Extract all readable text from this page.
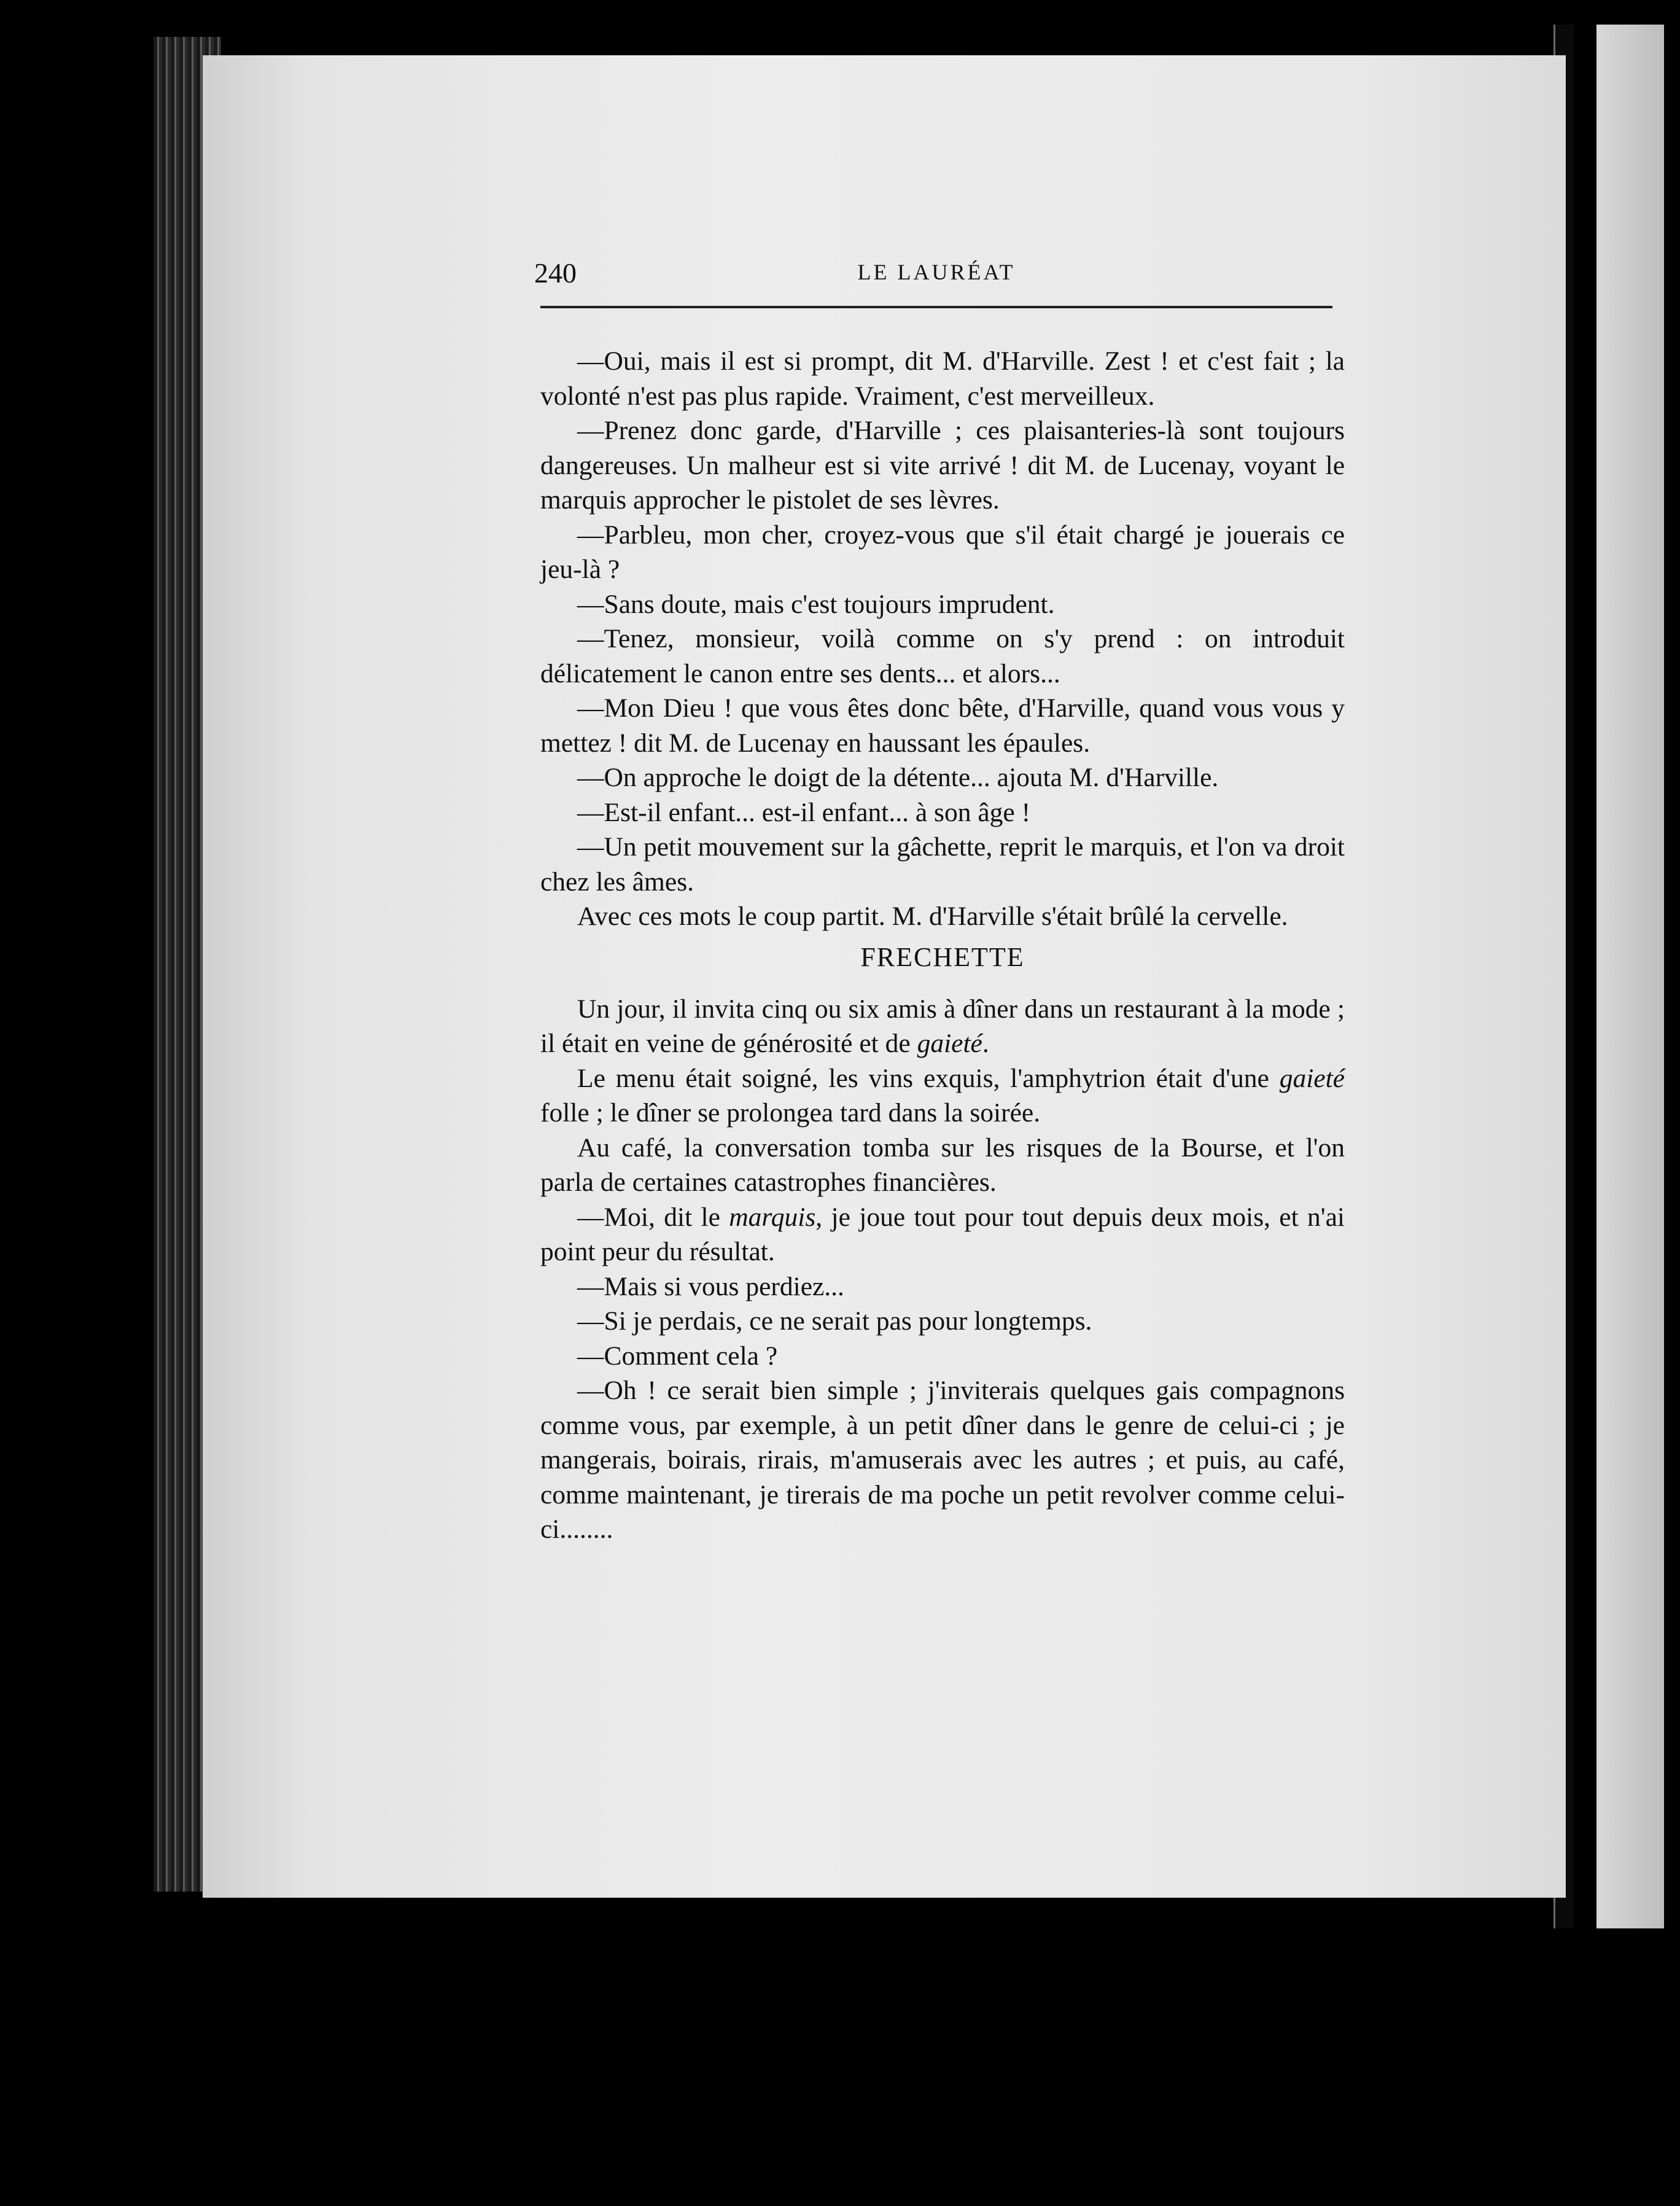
240	LE LAURÉAT

—Oui, mais il est si prompt, dit M. d'Harville. Zest ! et c'est fait ; la volonté n'est pas plus rapide. Vraiment, c'est merveilleux.

—Prenez donc garde, d'Harville ; ces plaisanteries-là sont toujours dangereuses. Un malheur est si vite arrivé ! dit M. de Lucenay, voyant le marquis approcher le pistolet de ses lèvres.

—Parbleu, mon cher, croyez-vous que s'il était chargé je jouerais ce jeu-là ?

—Sans doute, mais c'est toujours imprudent.

—Tenez, monsieur, voilà comme on s'y prend : on introduit délicatement le canon entre ses dents... et alors...

—Mon Dieu ! que vous êtes donc bête, d'Harville, quand vous vous y mettez ! dit M. de Lucenay en haussant les épaules.

—On approche le doigt de la détente... ajouta M. d'Harville.

—Est-il enfant... est-il enfant... à son âge !

—Un petit mouvement sur la gâchette, reprit le marquis, et l'on va droit chez les âmes.

Avec ces mots le coup partit. M. d'Harville s'était brûlé la cervelle.

FRECHETTE

Un jour, il invita cinq ou six amis à dîner dans un restaurant à la mode ; il était en veine de générosité et de gaieté.

Le menu était soigné, les vins exquis, l'amphytrion était d'une gaieté folle ; le dîner se prolongea tard dans la soirée.

Au café, la conversation tomba sur les risques de la Bourse, et l'on parla de certaines catastrophes financières.

—Moi, dit le marquis, je joue tout pour tout depuis deux mois, et n'ai point peur du résultat.

—Mais si vous perdiez...

—Si je perdais, ce ne serait pas pour longtemps.

—Comment cela ?

—Oh ! ce serait bien simple ; j'inviterais quelques gais compagnons comme vous, par exemple, à un petit dîner dans le genre de celui-ci ; je mangerais, boirais, rirais, m'amuserais avec les autres ; et puis, au café, comme maintenant, je tirerais de ma poche un petit revolver comme celui-ci........
